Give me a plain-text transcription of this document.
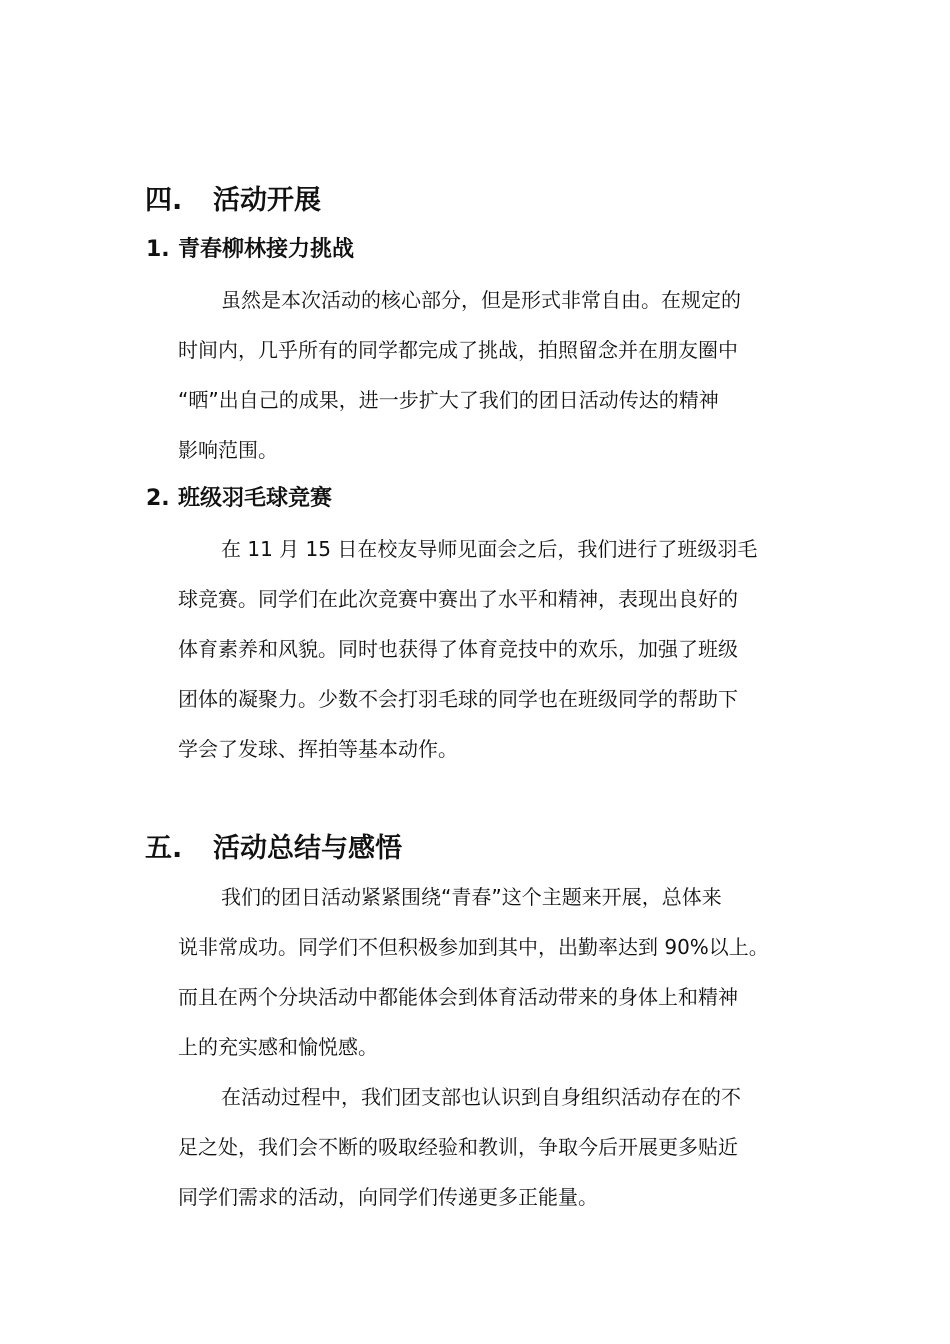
四.	活动开展
1. 青春柳林接力挑战
虽然是本次活动的核心部分，但是形式非常自由。在规定的
时间内，几乎所有的同学都完成了挑战，拍照留念并在朋友圈中
“晒”出自己的成果，进一步扩大了我们的团日活动传达的精神
影响范围。
2. 班级羽毛球竞赛
在 11 月 15 日在校友导师见面会之后，我们进行了班级羽毛
球竞赛。同学们在此次竞赛中赛出了水平和精神，表现出良好的
体育素养和风貌。同时也获得了体育竞技中的欢乐，加强了班级
团体的凝聚力。少数不会打羽毛球的同学也在班级同学的帮助下
学会了发球、挥拍等基本动作。
五.	活动总结与感悟
我们的团日活动紧紧围绕“青春”这个主题来开展，总体来
说非常成功。同学们不但积极参加到其中，出勤率达到 90%以上。
而且在两个分块活动中都能体会到体育活动带来的身体上和精神
上的充实感和愉悦感。
在活动过程中，我们团支部也认识到自身组织活动存在的不
足之处，我们会不断的吸取经验和教训，争取今后开展更多贴近
同学们需求的活动，向同学们传递更多正能量。
